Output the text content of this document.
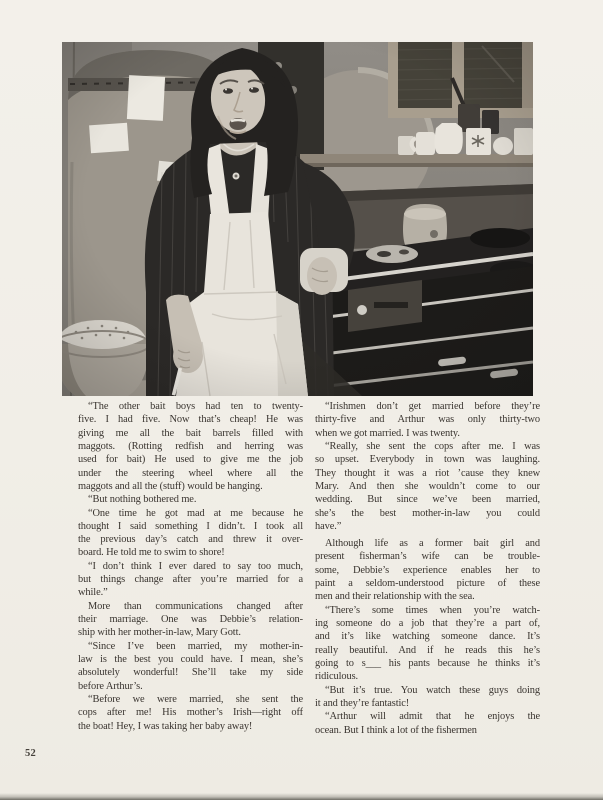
“The other bait boys had ten to twenty-
five. I had five. Now that’s cheap! He was
giving me all the bait barrels filled with
maggots. (Rotting redfish and herring was
used for bait) He used to give me the job
under the steering wheel where all the
maggots and all the (stuff) would be hanging.
“But nothing bothered me.
“One time he got mad at me because he
thought I said something I didn’t. I took all
the previous day’s catch and threw it over-
board. He told me to swim to shore!
“I don’t think I ever dared to say too much,
but things change after you’re married for a
while.”
More than communications changed after
their marriage. One was Debbie’s relation-
ship with her mother-in-law, Mary Gott.
“Since I’ve been married, my mother-in-
law is the best you could have. I mean, she’s
absolutely wonderful! She’ll take my side
before Arthur’s.
“Before we were married, she sent the
cops after me! His mother’s Irish—right off
the boat! Hey, I was taking her baby away!
“Irishmen don’t get married before they’re
thirty-five and Arthur was only thirty-two
when we got married. I was twenty.
“Really, she sent the cops after me. I was
so upset. Everybody in town was laughing.
They thought it was a riot ’cause they knew
Mary. And then she wouldn’t come to our
wedding. But since we’ve been married,
she’s the best mother-in-law you could
have.”
Although life as a former bait girl and
present fisherman’s wife can be trouble-
some, Debbie’s experience enables her to
paint a seldom-understood picture of these
men and their relationship with the sea.
“There’s some times when you’re watch-
ing someone do a job that they’re a part of,
and it’s like watching someone dance. It’s
really beautiful. And if he reads this he’s
going to s___ his pants because he thinks it’s
ridiculous.
“But it’s true. You watch these guys doing
it and they’re fantastic!
“Arthur will admit that he enjoys the
ocean. But I think a lot of the fishermen
52
